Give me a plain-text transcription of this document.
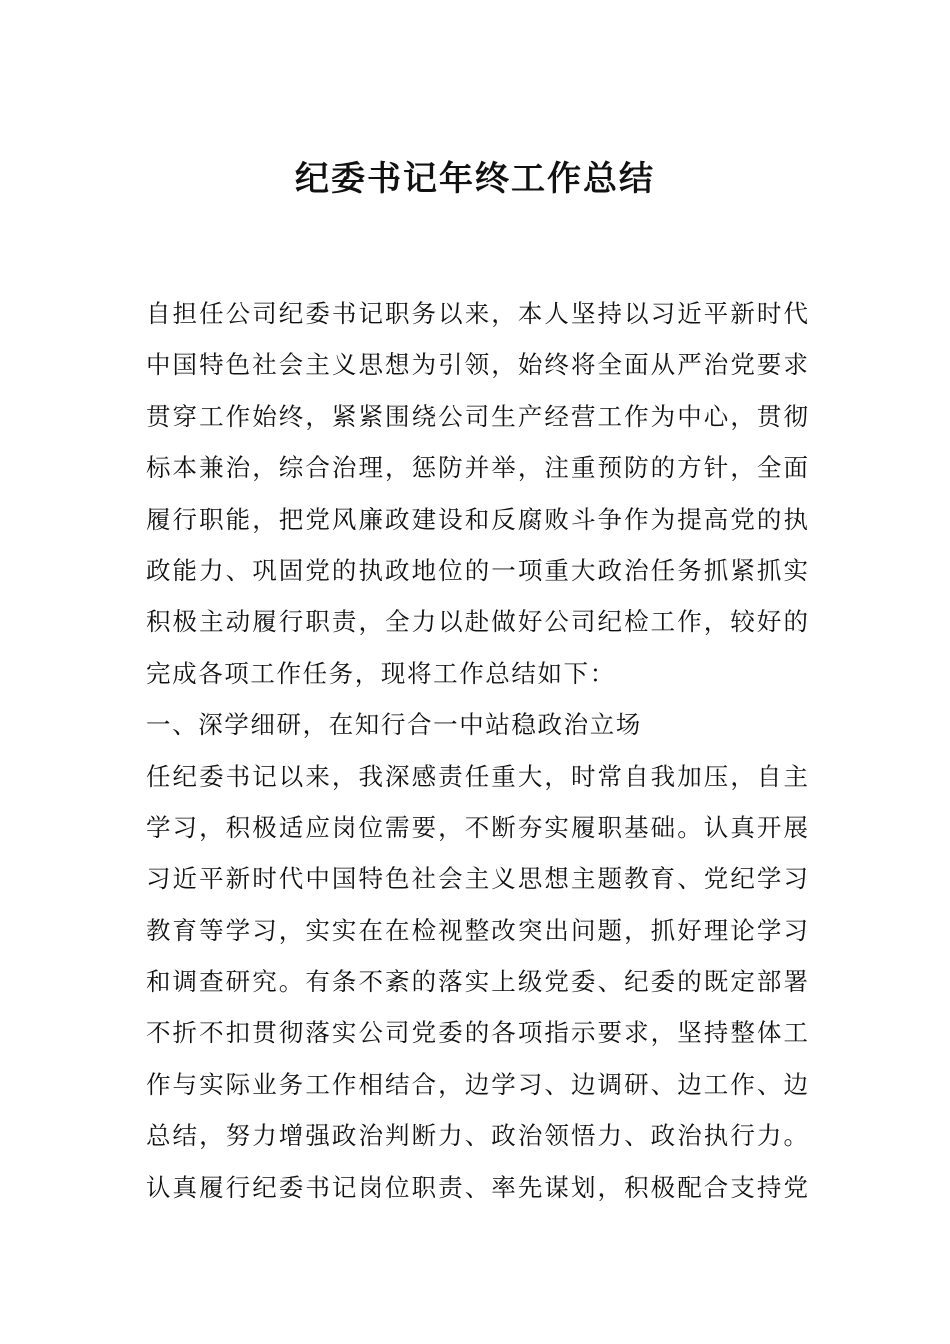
纪委书记年终工作总结
自担任公司纪委书记职务以来，本人坚持以习近平新时代
中国特色社会主义思想为引领，始终将全面从严治党要求
贯穿工作始终，紧紧围绕公司生产经营工作为中心，贯彻
标本兼治，综合治理，惩防并举，注重预防的方针，全面
履行职能，把党风廉政建设和反腐败斗争作为提高党的执
政能力、巩固党的执政地位的一项重大政治任务抓紧抓实
积极主动履行职责，全力以赴做好公司纪检工作，较好的
完成各项工作任务，现将工作总结如下：
一、深学细研，在知行合一中站稳政治立场
任纪委书记以来，我深感责任重大，时常自我加压，自主
学习，积极适应岗位需要，不断夯实履职基础。认真开展
习近平新时代中国特色社会主义思想主题教育、党纪学习
教育等学习，实实在在检视整改突出问题，抓好理论学习
和调查研究。有条不紊的落实上级党委、纪委的既定部署
不折不扣贯彻落实公司党委的各项指示要求，坚持整体工
作与实际业务工作相结合，边学习、边调研、边工作、边
总结，努力增强政治判断力、政治领悟力、政治执行力。
认真履行纪委书记岗位职责、率先谋划，积极配合支持党
